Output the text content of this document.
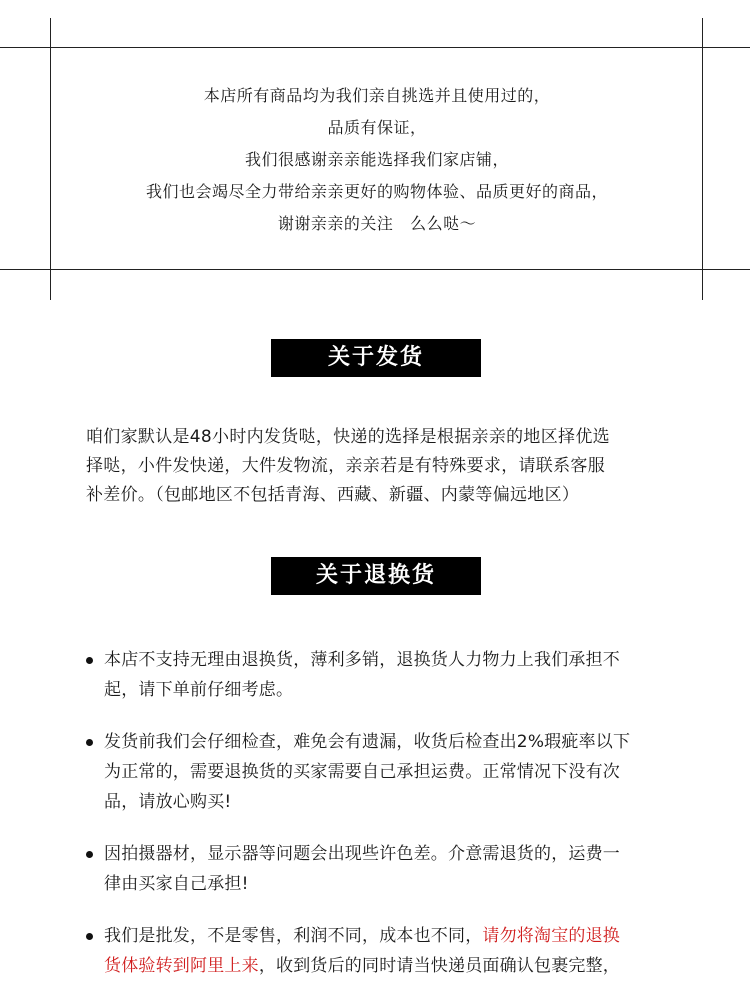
本店所有商品均为我们亲自挑选并且使用过的，
品质有保证，
我们很感谢亲亲能选择我们家店铺，
我们也会竭尽全力带给亲亲更好的购物体验、品质更好的商品，
谢谢亲亲的关注   么么哒～
关于发货
咱们家默认是48小时内发货哒，快递的选择是根据亲亲的地区择优选
择哒，小件发快递，大件发物流，亲亲若是有特殊要求，请联系客服
补差价。（包邮地区不包括青海、西藏、新疆、内蒙等偏远地区）
关于退换货
本店不支持无理由退换货，薄利多销，退换货人力物力上我们承担不
起，请下单前仔细考虑。
发货前我们会仔细检查，难免会有遗漏，收货后检查出2%瑕疵率以下
为正常的，需要退换货的买家需要自己承担运费。正常情况下没有次
品，请放心购买!
因拍摄器材，显示器等问题会出现些许色差。介意需退货的，运费一
律由买家自己承担!
我们是批发，不是零售，利润不同，成本也不同，请勿将淘宝的退换
货体验转到阿里上来，收到货后的同时请当快递员面确认包裹完整，
